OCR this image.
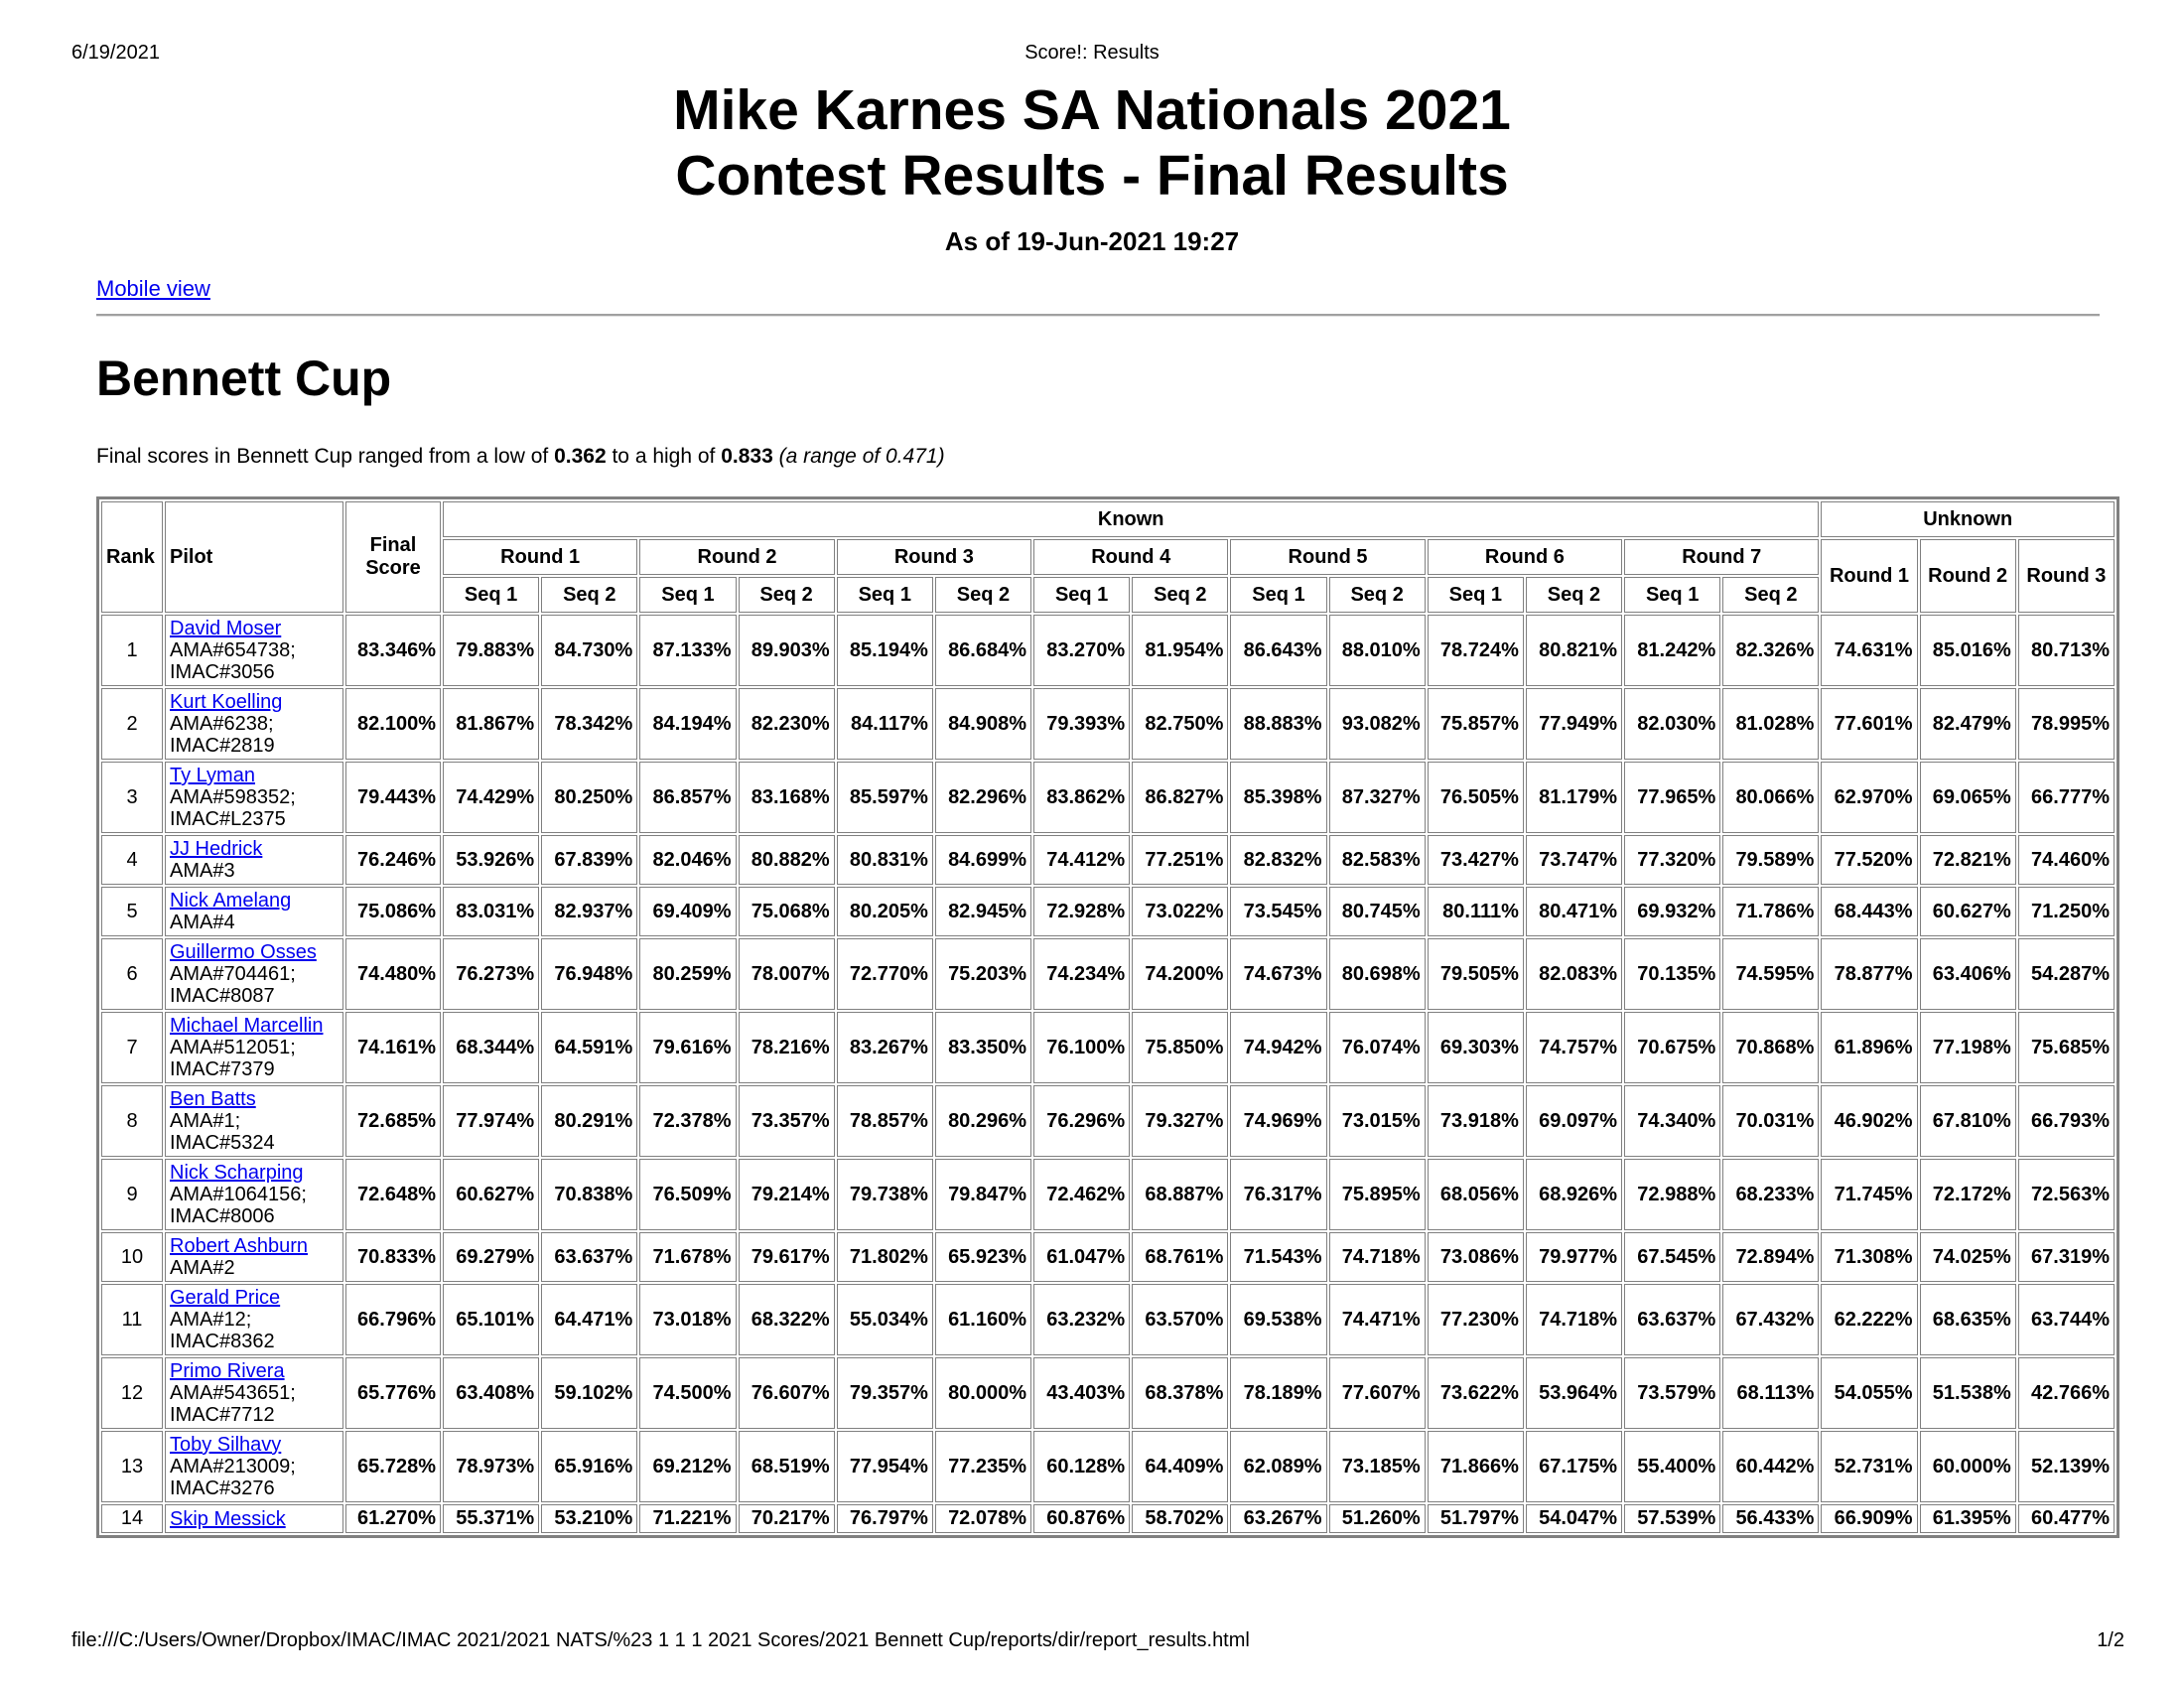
6/19/2021	Score!: Results
Mike Karnes SA Nationals 2021
Contest Results - Final Results
As of 19-Jun-2021 19:27
Mobile view
Bennett Cup
Final scores in Bennett Cup ranged from a low of 0.362 to a high of 0.833 (a range of 0.471)
Rank	Pilot	Final Score	Known														Unknown		
			Round 1		Round 2		Round 3		Round 4		Round 5		Round 6		Round 7		Round 1	Round 2	Round 3
			Seq 1	Seq 2	Seq 1	Seq 2	Seq 1	Seq 2	Seq 1	Seq 2	Seq 1	Seq 2	Seq 1	Seq 2	Seq 1	Seq 2			
1	David Moser
AMA#654738;
IMAC#3056	83.346%	79.883%	84.730%	87.133%	89.903%	85.194%	86.684%	83.270%	81.954%	86.643%	88.010%	78.724%	80.821%	81.242%	82.326%	74.631%	85.016%	80.713%
2	Kurt Koelling
AMA#6238;
IMAC#2819	82.100%	81.867%	78.342%	84.194%	82.230%	84.117%	84.908%	79.393%	82.750%	88.883%	93.082%	75.857%	77.949%	82.030%	81.028%	77.601%	82.479%	78.995%
3	Ty Lyman
AMA#598352;
IMAC#L2375	79.443%	74.429%	80.250%	86.857%	83.168%	85.597%	82.296%	83.862%	86.827%	85.398%	87.327%	76.505%	81.179%	77.965%	80.066%	62.970%	69.065%	66.777%
4	JJ Hedrick
AMA#3	76.246%	53.926%	67.839%	82.046%	80.882%	80.831%	84.699%	74.412%	77.251%	82.832%	82.583%	73.427%	73.747%	77.320%	79.589%	77.520%	72.821%	74.460%
5	Nick Amelang
AMA#4	75.086%	83.031%	82.937%	69.409%	75.068%	80.205%	82.945%	72.928%	73.022%	73.545%	80.745%	80.111%	80.471%	69.932%	71.786%	68.443%	60.627%	71.250%
6	Guillermo Osses
AMA#704461;
IMAC#8087	74.480%	76.273%	76.948%	80.259%	78.007%	72.770%	75.203%	74.234%	74.200%	74.673%	80.698%	79.505%	82.083%	70.135%	74.595%	78.877%	63.406%	54.287%
7	Michael Marcellin
AMA#512051;
IMAC#7379	74.161%	68.344%	64.591%	79.616%	78.216%	83.267%	83.350%	76.100%	75.850%	74.942%	76.074%	69.303%	74.757%	70.675%	70.868%	61.896%	77.198%	75.685%
8	Ben Batts
AMA#1;
IMAC#5324	72.685%	77.974%	80.291%	72.378%	73.357%	78.857%	80.296%	76.296%	79.327%	74.969%	73.015%	73.918%	69.097%	74.340%	70.031%	46.902%	67.810%	66.793%
9	Nick Scharping
AMA#1064156;
IMAC#8006	72.648%	60.627%	70.838%	76.509%	79.214%	79.738%	79.847%	72.462%	68.887%	76.317%	75.895%	68.056%	68.926%	72.988%	68.233%	71.745%	72.172%	72.563%
10	Robert Ashburn
AMA#2	70.833%	69.279%	63.637%	71.678%	79.617%	71.802%	65.923%	61.047%	68.761%	71.543%	74.718%	73.086%	79.977%	67.545%	72.894%	71.308%	74.025%	67.319%
11	Gerald Price
AMA#12;
IMAC#8362	66.796%	65.101%	64.471%	73.018%	68.322%	55.034%	61.160%	63.232%	63.570%	69.538%	74.471%	77.230%	74.718%	63.637%	67.432%	62.222%	68.635%	63.744%
12	Primo Rivera
AMA#543651;
IMAC#7712	65.776%	63.408%	59.102%	74.500%	76.607%	79.357%	80.000%	43.403%	68.378%	78.189%	77.607%	73.622%	53.964%	73.579%	68.113%	54.055%	51.538%	42.766%
13	Toby Silhavy
AMA#213009;
IMAC#3276	65.728%	78.973%	65.916%	69.212%	68.519%	77.954%	77.235%	60.128%	64.409%	62.089%	73.185%	71.866%	67.175%	55.400%	60.442%	52.731%	60.000%	52.139%
14	Skip Messick	61.270%	55.371%	53.210%	71.221%	70.217%	76.797%	72.078%	60.876%	58.702%	63.267%	51.260%	51.797%	54.047%	57.539%	56.433%	66.909%	61.395%	60.477%
file:///C:/Users/Owner/Dropbox/IMAC/IMAC 2021/2021 NATS/%23 1 1 1 2021 Scores/2021 Bennett Cup/reports/dir/report_results.html	1/2
